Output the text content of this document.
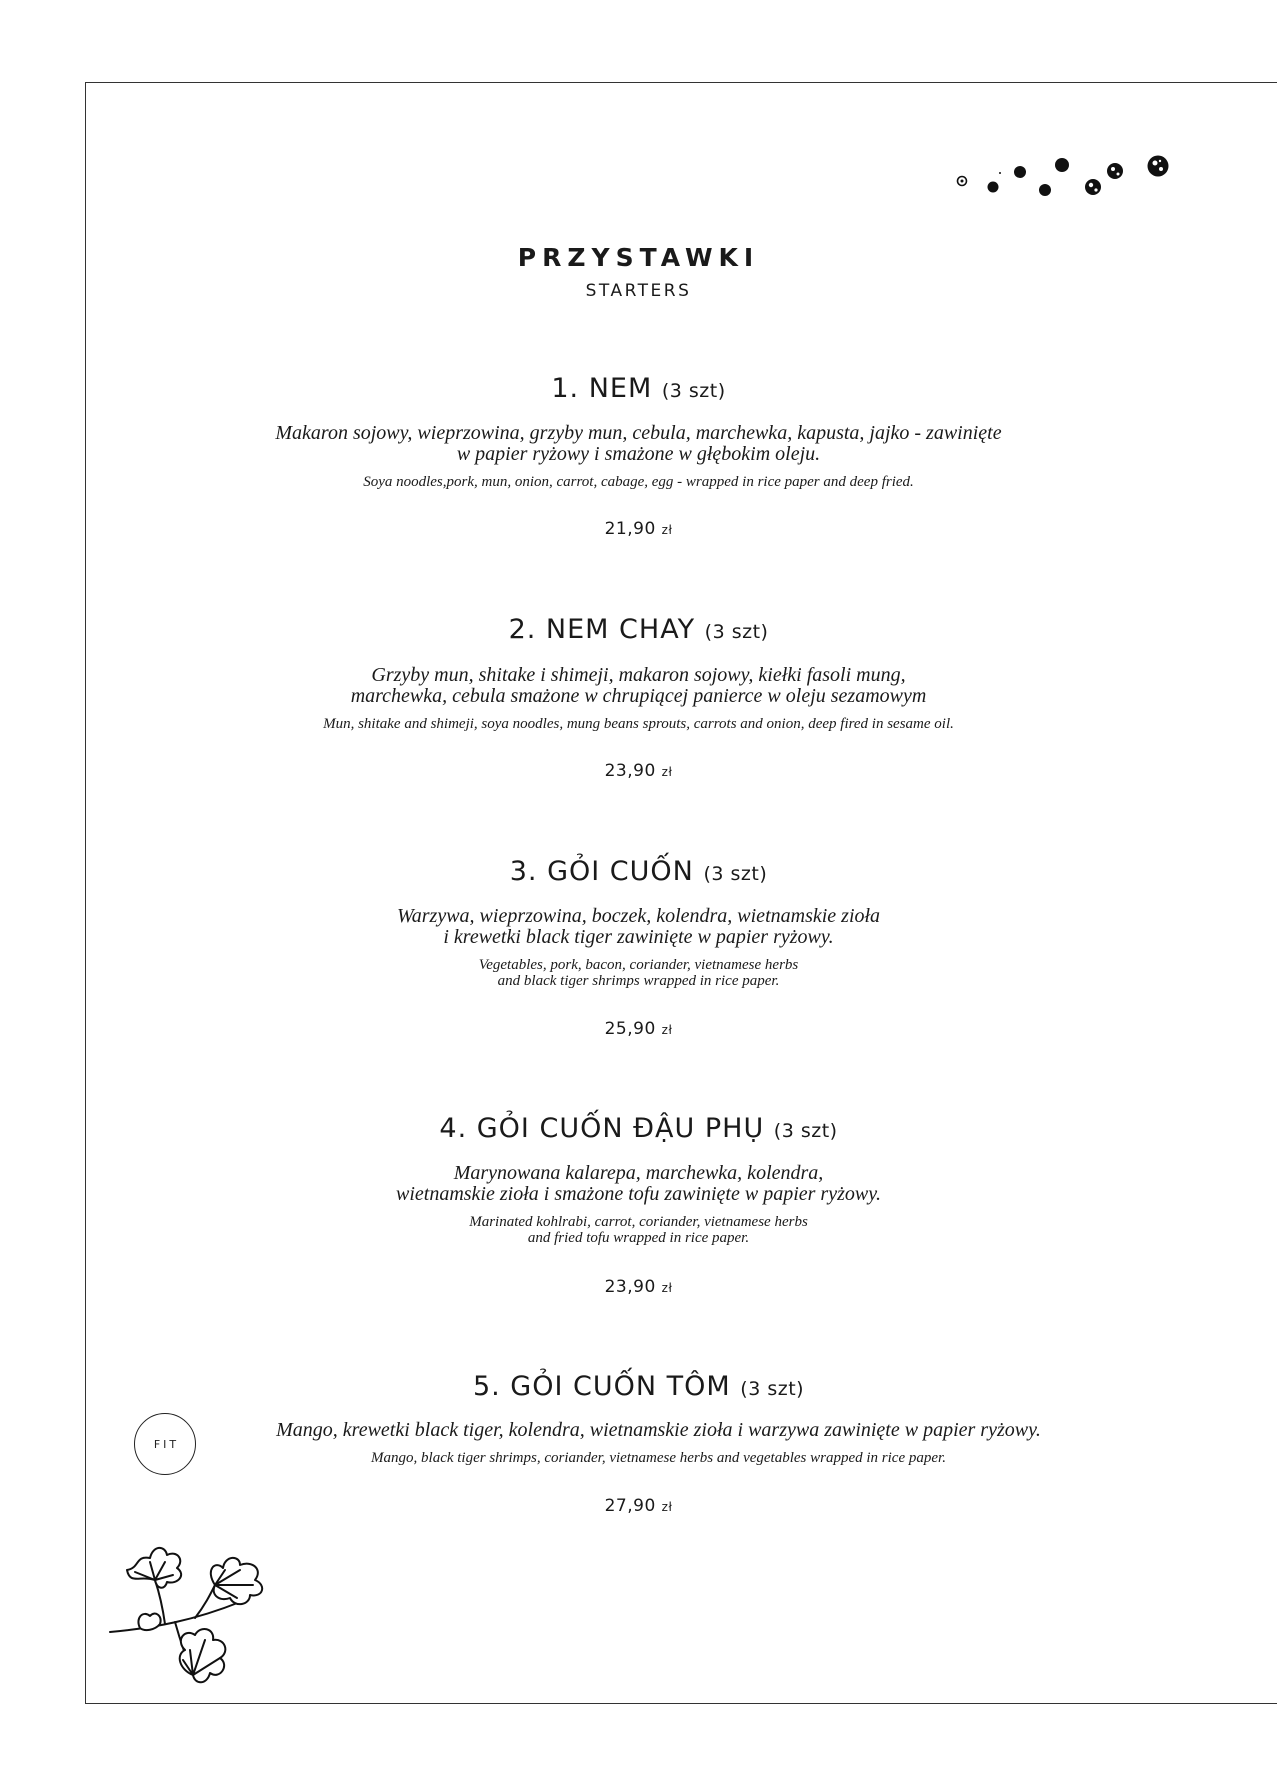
PRZYSTAWKI
STARTERS
1. NEM (3 szt)
Makaron sojowy, wieprzowina, grzyby mun, cebula, marchewka, kapusta, jajko - zawinięte
w papier ryżowy i smażone w głębokim oleju.
Soya noodles,pork, mun, onion, carrot, cabage, egg - wrapped in rice paper and deep fried.
21,90 zł
2. NEM CHAY (3 szt)
Grzyby mun, shitake i shimeji, makaron sojowy, kiełki fasoli mung,
marchewka, cebula smażone w chrupiącej panierce w oleju sezamowym
Mun, shitake and shimeji, soya noodles, mung beans sprouts, carrots and onion, deep fired in sesame oil.
23,90 zł
3. GỎI CUỐN (3 szt)
Warzywa, wieprzowina, boczek, kolendra, wietnamskie zioła
i krewetki black tiger zawinięte w papier ryżowy.
Vegetables, pork, bacon, coriander, vietnamese herbs
and black tiger shrimps wrapped in rice paper.
25,90 zł
4. GỎI CUỐN ĐẬU PHỤ (3 szt)
Marynowana kalarepa, marchewka, kolendra,
wietnamskie zioła i smażone tofu zawinięte w papier ryżowy.
Marinated kohlrabi, carrot, coriander, vietnamese herbs
and fried tofu wrapped in rice paper.
23,90 zł
5. GỎI CUỐN TÔM (3 szt)
FIT
Mango, krewetki black tiger, kolendra, wietnamskie zioła i warzywa zawinięte w papier ryżowy.
Mango, black tiger shrimps, coriander, vietnamese herbs and vegetables wrapped in rice paper.
27,90 zł
